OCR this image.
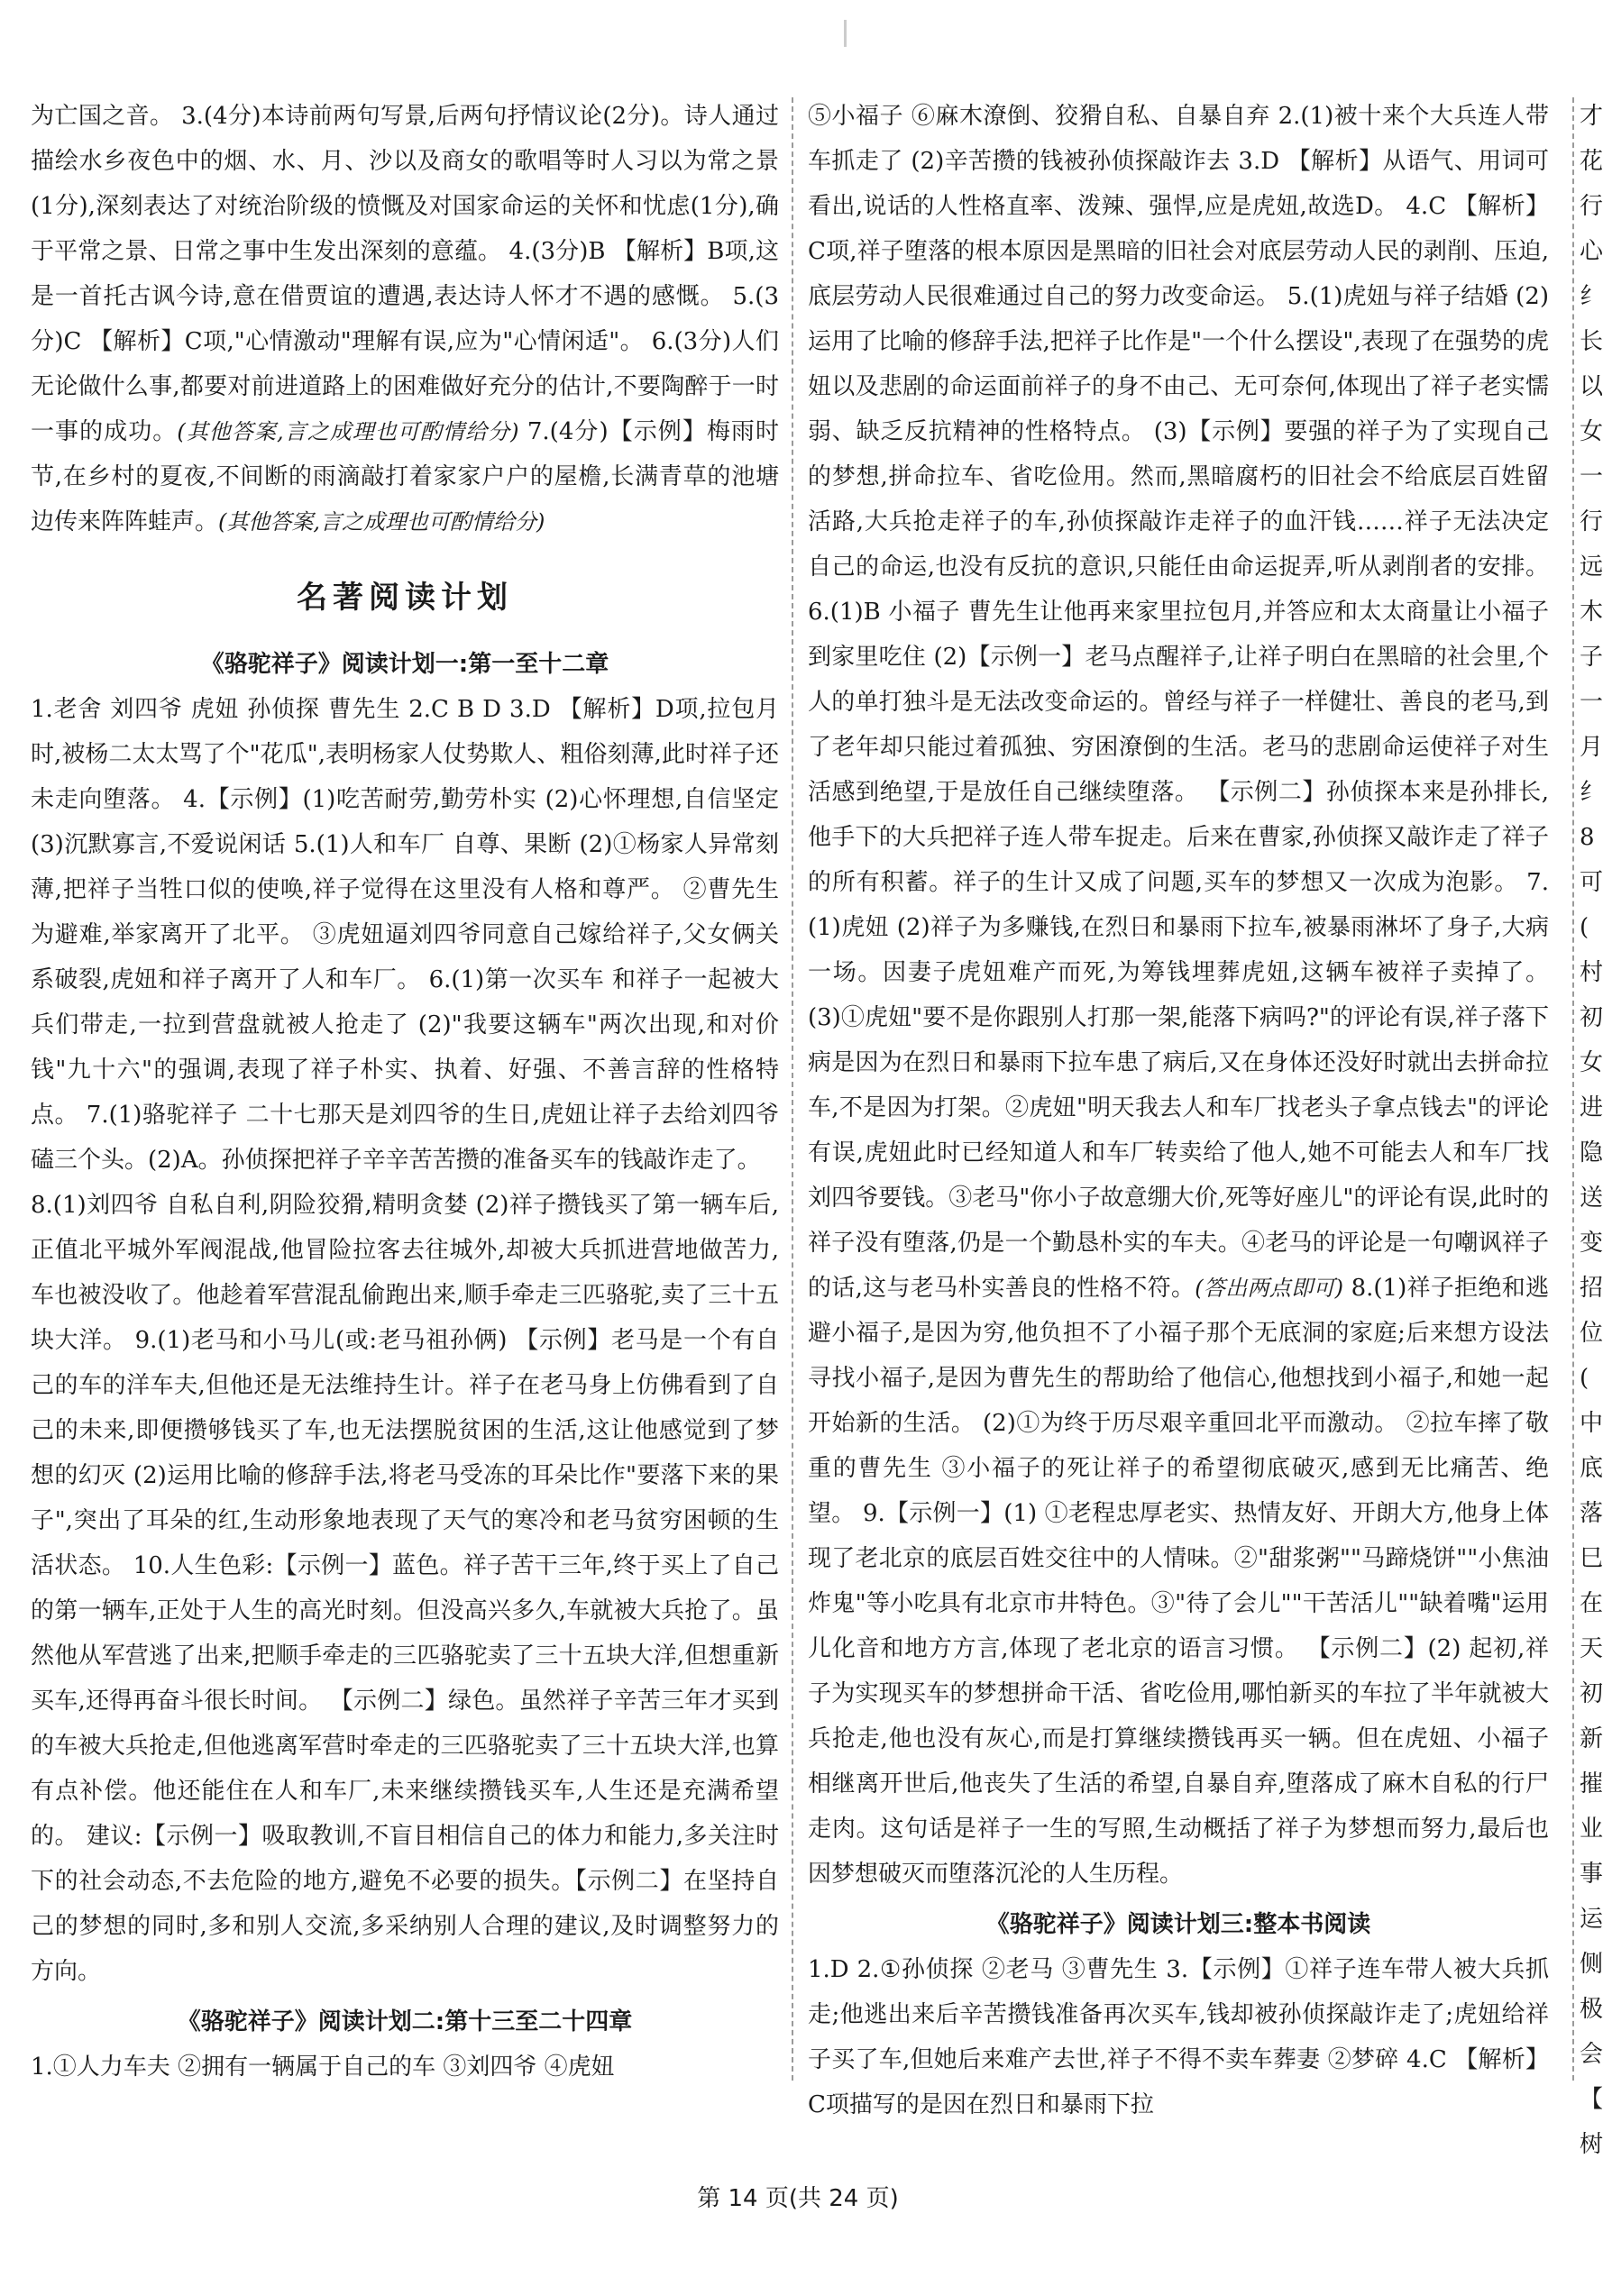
为亡国之音。 3.(4分)本诗前两句写景,后两句抒情议论(2分)。诗人通过描绘水乡夜色中的烟、水、月、沙以及商女的歌唱等时人习以为常之景(1分),深刻表达了对统治阶级的愤慨及对国家命运的关怀和忧虑(1分),确于平常之景、日常之事中生发出深刻的意蕴。 4.(3分)B 【解析】B项,这是一首托古讽今诗,意在借贾谊的遭遇,表达诗人怀才不遇的感慨。 5.(3分)C 【解析】C项,"心情激动"理解有误,应为"心情闲适"。 6.(3分)人们无论做什么事,都要对前进道路上的困难做好充分的估计,不要陶醉于一时一事的成功。(其他答案,言之成理也可酌情给分) 7.(4分)【示例】梅雨时节,在乡村的夏夜,不间断的雨滴敲打着家家户户的屋檐,长满青草的池塘边传来阵阵蛙声。(其他答案,言之成理也可酌情给分)

名著阅读计划
《骆驼祥子》阅读计划一:第一至十二章

1.老舍 刘四爷 虎妞 孙侦探 曹先生 2.C B D 3.D 【解析】D项,拉包月时,被杨二太太骂了个"花瓜",表明杨家人仗势欺人、粗俗刻薄,此时祥子还未走向堕落。 4.【示例】(1)吃苦耐劳,勤劳朴实 (2)心怀理想,自信坚定 (3)沉默寡言,不爱说闲话 5.(1)人和车厂 自尊、果断 (2)①杨家人异常刻薄,把祥子当牲口似的使唤,祥子觉得在这里没有人格和尊严。 ②曹先生为避难,举家离开了北平。 ③虎妞逼刘四爷同意自己嫁给祥子,父女俩关系破裂,虎妞和祥子离开了人和车厂。 6.(1)第一次买车 和祥子一起被大兵们带走,一拉到营盘就被人抢走了 (2)"我要这辆车"两次出现,和对价钱"九十六"的强调,表现了祥子朴实、执着、好强、不善言辞的性格特点。 7.(1)骆驼祥子 二十七那天是刘四爷的生日,虎妞让祥子去给刘四爷磕三个头。(2)A。孙侦探把祥子辛辛苦苦攒的准备买车的钱敲诈走了。

8.(1)刘四爷 自私自利,阴险狡猾,精明贪婪 (2)祥子攒钱买了第一辆车后,正值北平城外军阀混战,他冒险拉客去往城外,却被大兵抓进营地做苦力,车也被没收了。他趁着军营混乱偷跑出来,顺手牵走三匹骆驼,卖了三十五块大洋。 9.(1)老马和小马儿(或:老马祖孙俩) 【示例】老马是一个有自己的车的洋车夫,但他还是无法维持生计。祥子在老马身上仿佛看到了自己的未来,即便攒够钱买了车,也无法摆脱贫困的生活,这让他感觉到了梦想的幻灭 (2)运用比喻的修辞手法,将老马受冻的耳朵比作"要落下来的果子",突出了耳朵的红,生动形象地表现了天气的寒冷和老马贫穷困顿的生活状态。 10.人生色彩:【示例一】蓝色。祥子苦干三年,终于买上了自己的第一辆车,正处于人生的高光时刻。但没高兴多久,车就被大兵抢了。虽然他从军营逃了出来,把顺手牵走的三匹骆驼卖了三十五块大洋,但想重新买车,还得再奋斗很长时间。 【示例二】绿色。虽然祥子辛苦三年才买到的车被大兵抢走,但他逃离军营时牵走的三匹骆驼卖了三十五块大洋,也算有点补偿。他还能住在人和车厂,未来继续攒钱买车,人生还是充满希望的。 建议:【示例一】吸取教训,不盲目相信自己的体力和能力,多关注时下的社会动态,不去危险的地方,避免不必要的损失。【示例二】在坚持自己的梦想的同时,多和别人交流,多采纳别人合理的建议,及时调整努力的方向。

《骆驼祥子》阅读计划二:第十三至二十四章

1.①人力车夫 ②拥有一辆属于自己的车 ③刘四爷 ④虎妞

⑤小福子 ⑥麻木潦倒、狡猾自私、自暴自弃 2.(1)被十来个大兵连人带车抓走了 (2)辛苦攒的钱被孙侦探敲诈去 3.D 【解析】从语气、用词可看出,说话的人性格直率、泼辣、强悍,应是虎妞,故选D。 4.C 【解析】C项,祥子堕落的根本原因是黑暗的旧社会对底层劳动人民的剥削、压迫,底层劳动人民很难通过自己的努力改变命运。 5.(1)虎妞与祥子结婚 (2)运用了比喻的修辞手法,把祥子比作是"一个什么摆设",表现了在强势的虎妞以及悲剧的命运面前祥子的身不由己、无可奈何,体现出了祥子老实懦弱、缺乏反抗精神的性格特点。 (3)【示例】要强的祥子为了实现自己的梦想,拼命拉车、省吃俭用。然而,黑暗腐朽的旧社会不给底层百姓留活路,大兵抢走祥子的车,孙侦探敲诈走祥子的血汗钱……祥子无法决定自己的命运,也没有反抗的意识,只能任由命运捉弄,听从剥削者的安排。 6.(1)B 小福子 曹先生让他再来家里拉包月,并答应和太太商量让小福子到家里吃住 (2)【示例一】老马点醒祥子,让祥子明白在黑暗的社会里,个人的单打独斗是无法改变命运的。曾经与祥子一样健壮、善良的老马,到了老年却只能过着孤独、穷困潦倒的生活。老马的悲剧命运使祥子对生活感到绝望,于是放任自己继续堕落。 【示例二】孙侦探本来是孙排长,他手下的大兵把祥子连人带车捉走。后来在曹家,孙侦探又敲诈走了祥子的所有积蓄。祥子的生计又成了问题,买车的梦想又一次成为泡影。 7.(1)虎妞 (2)祥子为多赚钱,在烈日和暴雨下拉车,被暴雨淋坏了身子,大病一场。因妻子虎妞难产而死,为筹钱埋葬虎妞,这辆车被祥子卖掉了。 (3)①虎妞"要不是你跟别人打那一架,能落下病吗?"的评论有误,祥子落下病是因为在烈日和暴雨下拉车患了病后,又在身体还没好时就出去拼命拉车,不是因为打架。②虎妞"明天我去人和车厂找老头子拿点钱去"的评论有误,虎妞此时已经知道人和车厂转卖给了他人,她不可能去人和车厂找刘四爷要钱。③老马"你小子故意绷大价,死等好座儿"的评论有误,此时的祥子没有堕落,仍是一个勤恳朴实的车夫。④老马的评论是一句嘲讽祥子的话,这与老马朴实善良的性格不符。(答出两点即可) 8.(1)祥子拒绝和逃避小福子,是因为穷,他负担不了小福子那个无底洞的家庭;后来想方设法寻找小福子,是因为曹先生的帮助给了他信心,他想找到小福子,和她一起开始新的生活。 (2)①为终于历尽艰辛重回北平而激动。 ②拉车摔了敬重的曹先生 ③小福子的死让祥子的希望彻底破灭,感到无比痛苦、绝望。 9.【示例一】(1) ①老程忠厚老实、热情友好、开朗大方,他身上体现了老北京的底层百姓交往中的人情味。②"甜浆粥""马蹄烧饼""小焦油炸鬼"等小吃具有北京市井特色。③"待了会儿""干苦活儿""缺着嘴"运用儿化音和地方方言,体现了老北京的语言习惯。 【示例二】(2) 起初,祥子为实现买车的梦想拼命干活、省吃俭用,哪怕新买的车拉了半年就被大兵抢走,他也没有灰心,而是打算继续攒钱再买一辆。但在虎妞、小福子相继离开世后,他丧失了生活的希望,自暴自弃,堕落成了麻木自私的行尸走肉。这句话是祥子一生的写照,生动概括了祥子为梦想而努力,最后也因梦想破灭而堕落沉沦的人生历程。

《骆驼祥子》阅读计划三:整本书阅读

1.D 2.①孙侦探 ②老马 ③曹先生 3.【示例】①祥子连车带人被大兵抓走;他逃出来后辛苦攒钱准备再次买车,钱却被孙侦探敲诈走了;虎妞给祥子买了车,但她后来难产去世,祥子不得不卖车葬妻 ②梦碎 4.C 【解析】C项描写的是因在烈日和暴雨下拉

才
花
行
心
纟
长
以
女
一
行
远
木
子
一
月
纟
8
可
(
村
初
女
进
隐
送
变
招
位
(
中
底
落
巳
在
天
初
新
摧
业
事
运
侧
极
会
【
树
第 14 页(共 24 页)
